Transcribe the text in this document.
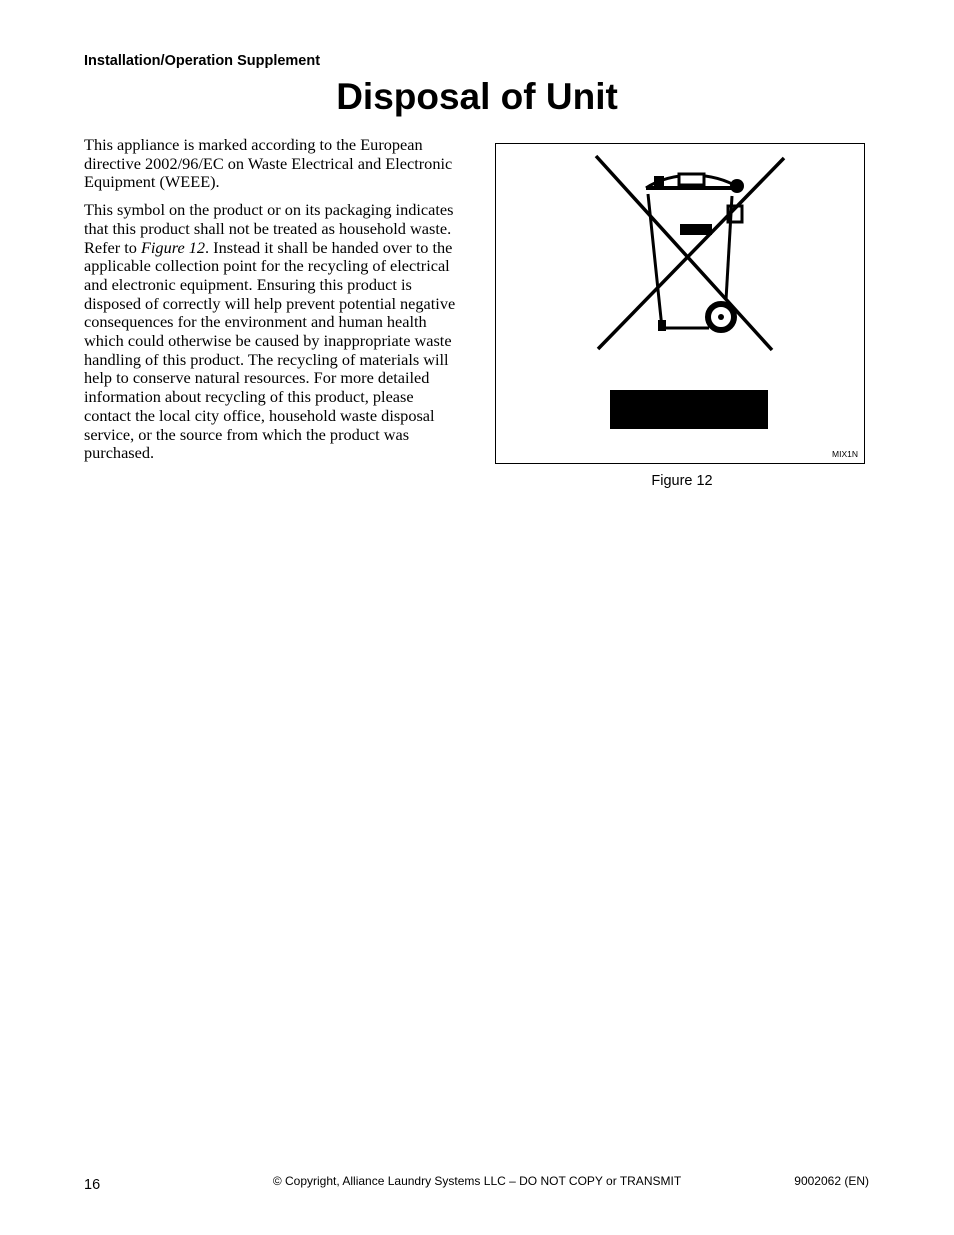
Installation/Operation Supplement
Disposal of Unit

This appliance is marked according to the European directive 2002/96/EC on Waste Electrical and Electronic Equipment (WEEE).

This symbol on the product or on its packaging indicates that this product shall not be treated as household waste. Refer to Figure 12. Instead it shall be handed over to the applicable collection point for the recycling of electrical and electronic equipment. Ensuring this product is disposed of correctly will help prevent potential negative consequences for the environment and human health which could otherwise be caused by inappropriate waste handling of this product. The recycling of materials will help to conserve natural resources. For more detailed information about recycling of this product, please contact the local city office, household waste disposal service, or the source from which the product was purchased.	MIX1N
Figure 12
16	© Copyright, Alliance Laundry Systems LLC – DO NOT COPY or TRANSMIT	9002062 (EN)
